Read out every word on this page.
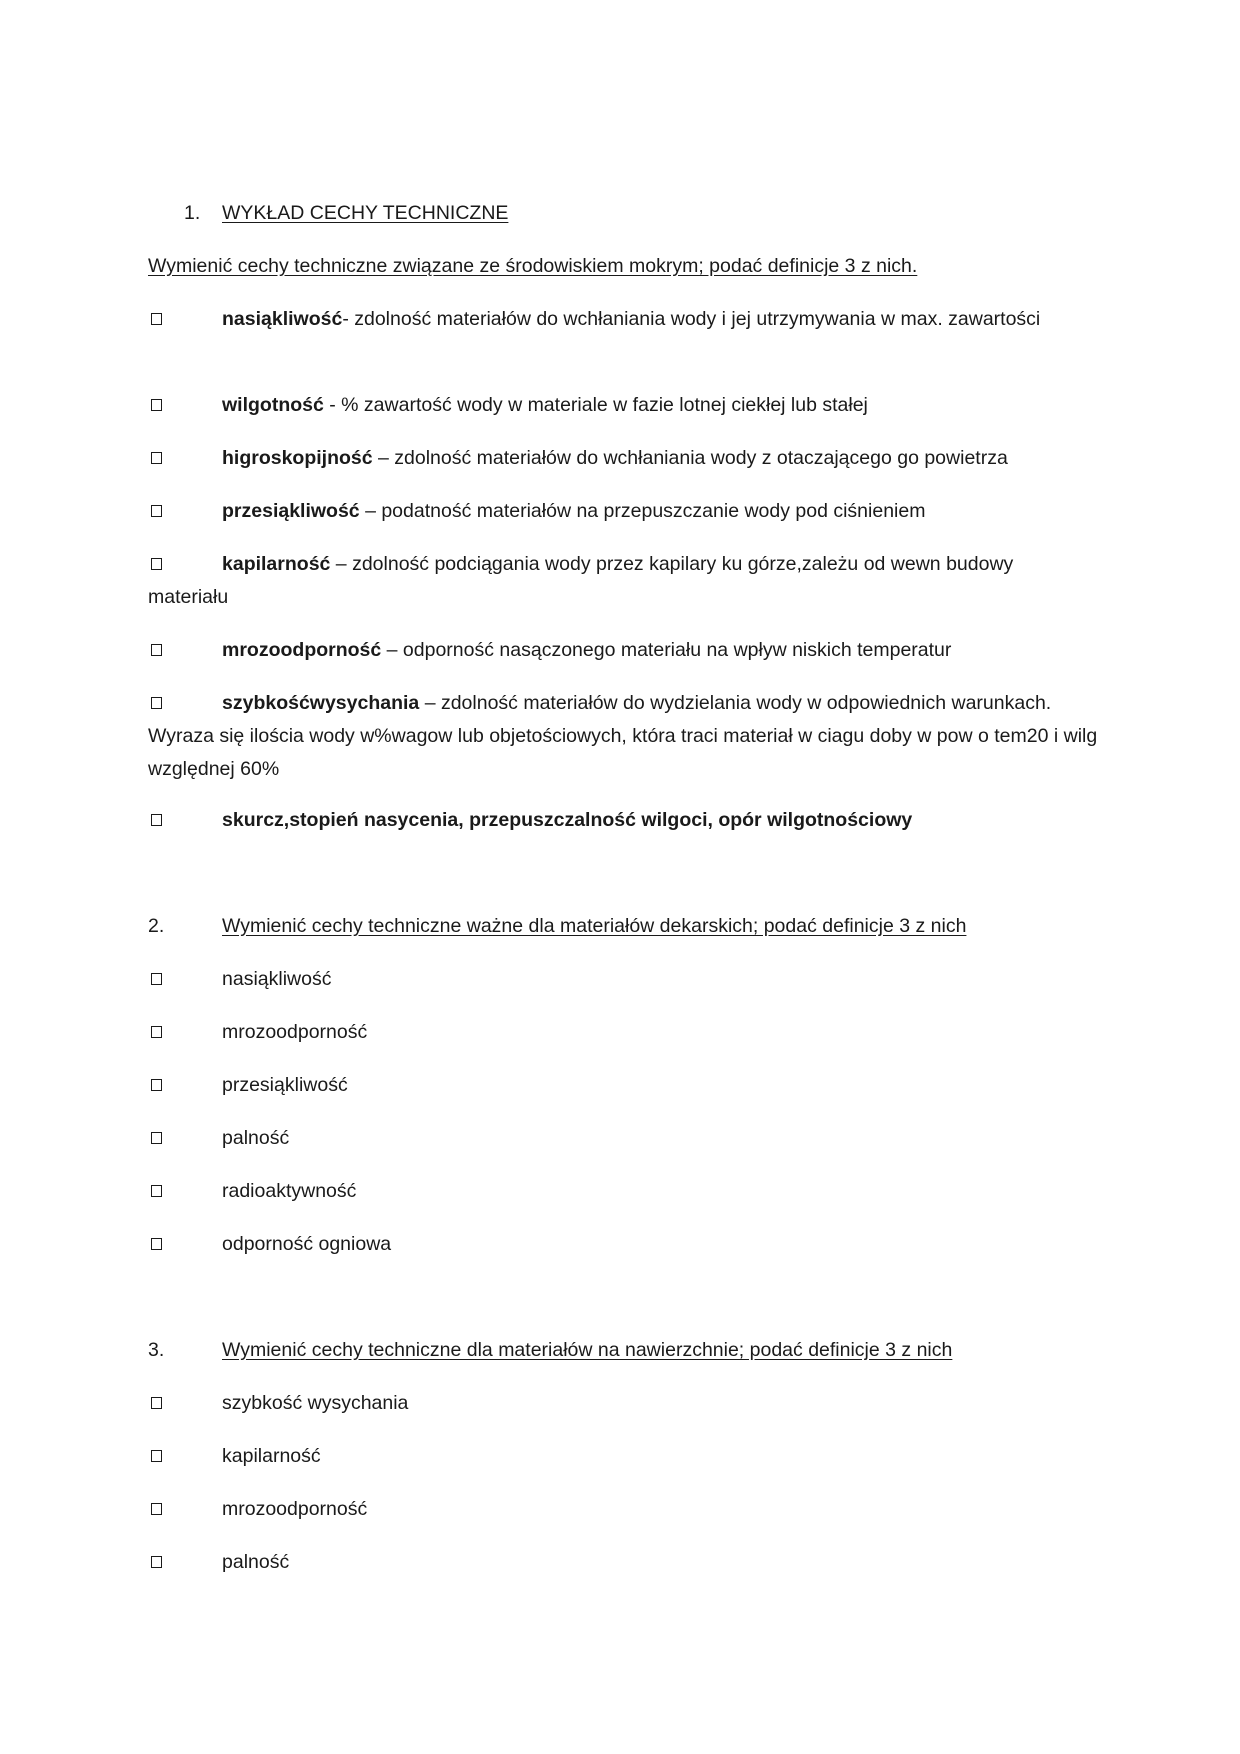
1. WYKŁAD CECHY TECHNICZNE
Wymienić cechy techniczne związane ze środowiskiem mokrym; podać definicje 3 z nich.

nasiąkliwość- zdolność materiałów do wchłaniania wody i jej utrzymywania w max. zawartości

wilgotność - % zawartość wody w materiale w fazie lotnej ciekłej lub stałej

higroskopijność – zdolność materiałów do wchłaniania wody z otaczającego go powietrza

przesiąkliwość – podatność materiałów na przepuszczanie wody pod ciśnieniem

kapilarność – zdolność podciągania wody przez kapilary ku górze,zależu od wewn budowy materiału

mrozoodporność – odporność nasączonego materiału na wpływ niskich temperatur

szybkośćwysychania – zdolność materiałów do wydzielania wody w odpowiednich warunkach. Wyraza się ilościa wody w%wagow lub objetościowych, która traci materiał w ciagu doby w pow o tem20 i wilg względnej 60%

skurcz,stopień nasycenia, przepuszczalność wilgoci, opór wilgotnościowy

2.	Wymienić cechy techniczne ważne dla materiałów dekarskich; podać definicje 3 z nich

nasiąkliwość

mrozoodporność

przesiąkliwość

palność

radioaktywność

odporność ogniowa

3.	Wymienić cechy techniczne dla materiałów na nawierzchnie; podać definicje 3 z nich

szybkość wysychania

kapilarność

mrozoodporność

palność
